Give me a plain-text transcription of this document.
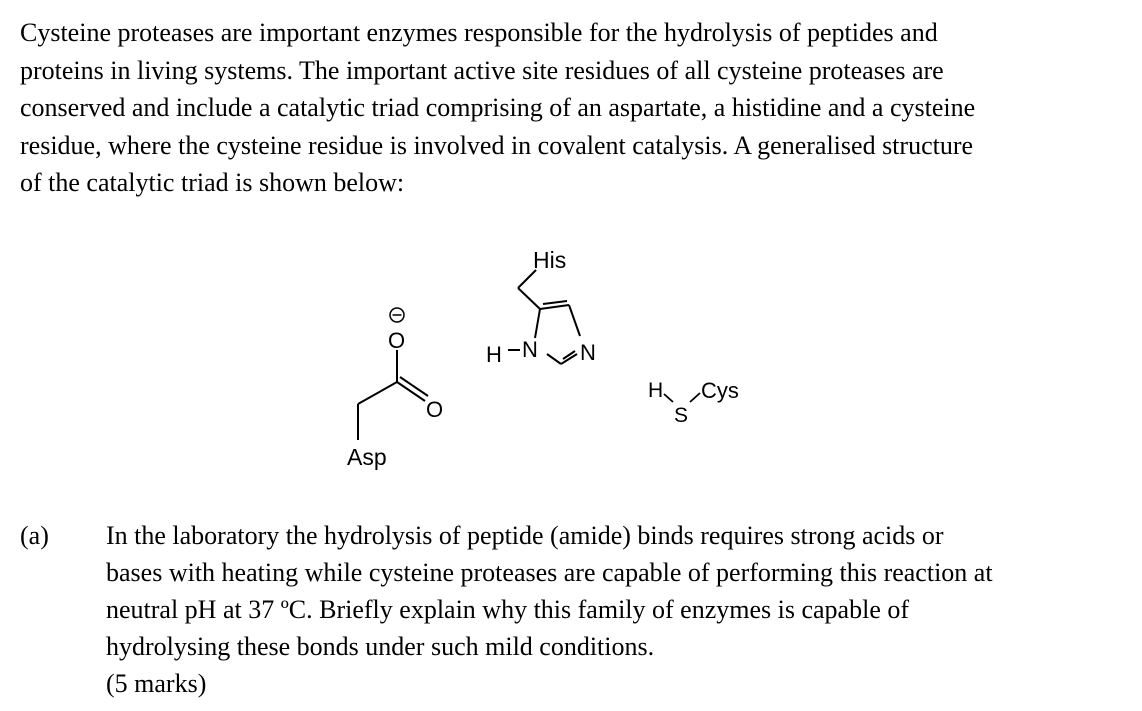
Cysteine proteases are important enzymes responsible for the hydrolysis of peptides and
proteins in living systems. The important active site residues of all cysteine proteases are
conserved and include a catalytic triad comprising of an aspartate, a histidine and a cysteine
residue, where the cysteine residue is involved in covalent catalysis. A generalised structure
of the catalytic triad is shown below:

O
O
Asp
His
H N N
H
S
Cys
(a) In the laboratory the hydrolysis of peptide (amide) binds requires strong acids or
bases with heating while cysteine proteases are capable of performing this reaction at
neutral pH at 37 ºC. Briefly explain why this family of enzymes is capable of
hydrolysing these bonds under such mild conditions.
(5 marks)
